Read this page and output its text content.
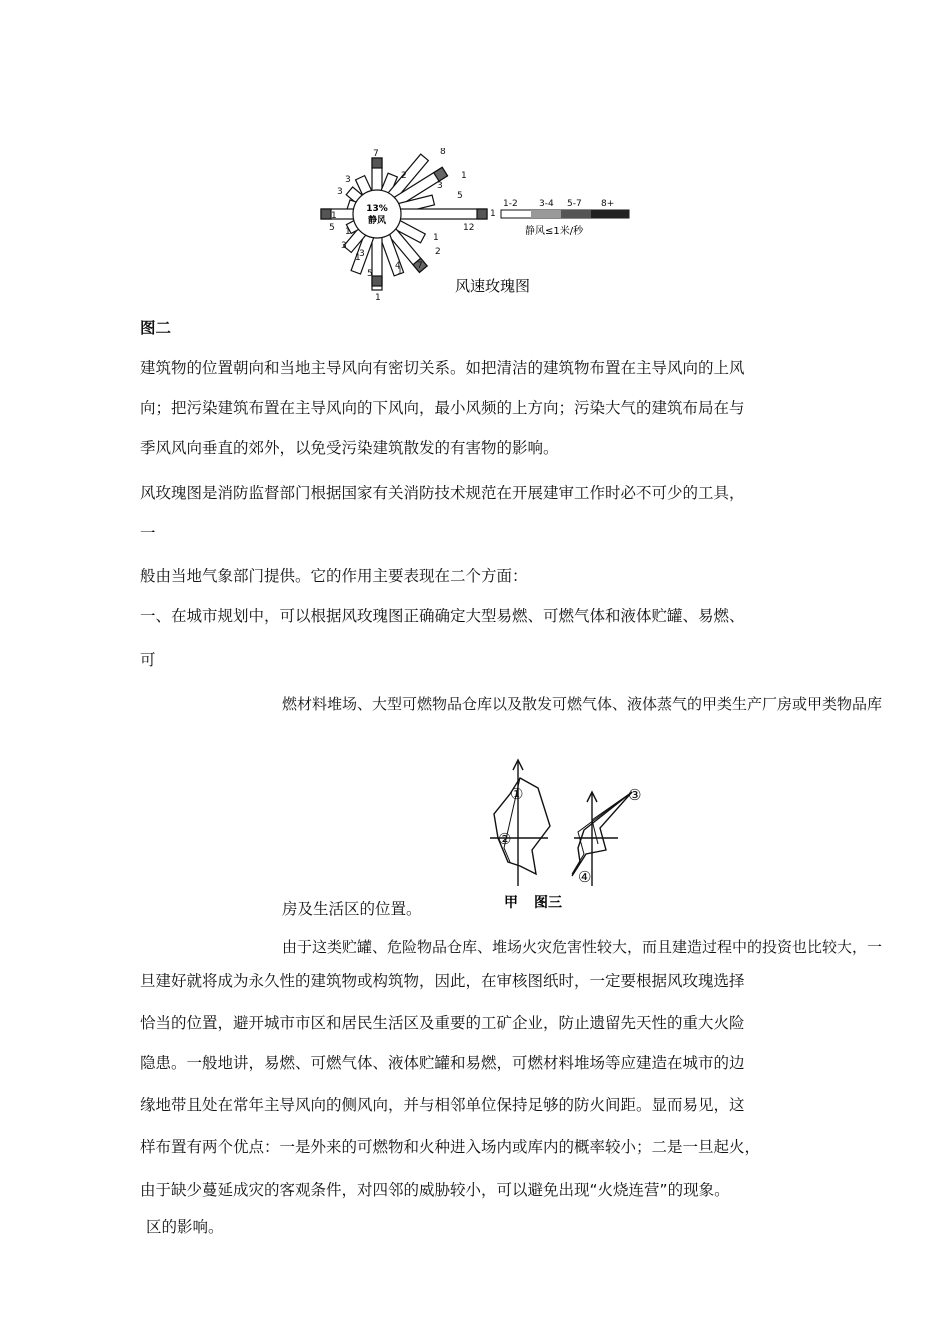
7
3	2
3
8
1
3
5
1
12
5 1
3
3
1
4 7
5
1
1
2
1
1
13%
静风
1-2 3-4 5-7 8+
静风≤1米/秒
风速玫瑰图
图二
建筑物的位置朝向和当地主导风向有密切关系。如把清洁的建筑物布置在主导风向的上风
向；把污染建筑布置在主导风向的下风向，最小风频的上方向；污染大气的建筑布局在与
季风风向垂直的郊外，以免受污染建筑散发的有害物的影响。
风玫瑰图是消防监督部门根据国家有关消防技术规范在开展建审工作时必不可少的工具，
一
般由当地气象部门提供。它的作用主要表现在二个方面：
一、在城市规划中，可以根据风玫瑰图正确确定大型易燃、可燃气体和液体贮罐、易燃、
可
燃材料堆场、大型可燃物品仓库以及散发可燃气体、液体蒸气的甲类生产厂房或甲类物品库
①
②
③
④
甲 图三
房及生活区的位置。
由于这类贮罐、危险物品仓库、堆场火灾危害性较大，而且建造过程中的投资也比较大，一
旦建好就将成为永久性的建筑物或构筑物，因此，在审核图纸时，一定要根据风玫瑰选择
恰当的位置，避开城市市区和居民生活区及重要的工矿企业，防止遗留先天性的重大火险
隐患。一般地讲，易燃、可燃气体、液体贮罐和易燃，可燃材料堆场等应建造在城市的边
缘地带且处在常年主导风向的侧风向，并与相邻单位保持足够的防火间距。显而易见，这
样布置有两个优点：一是外来的可燃物和火种进入场内或库内的概率较小；二是一旦起火，
由于缺少蔓延成灾的客观条件，对四邻的威胁较小，可以避免出现“火烧连营”的现象。
区的影响。
